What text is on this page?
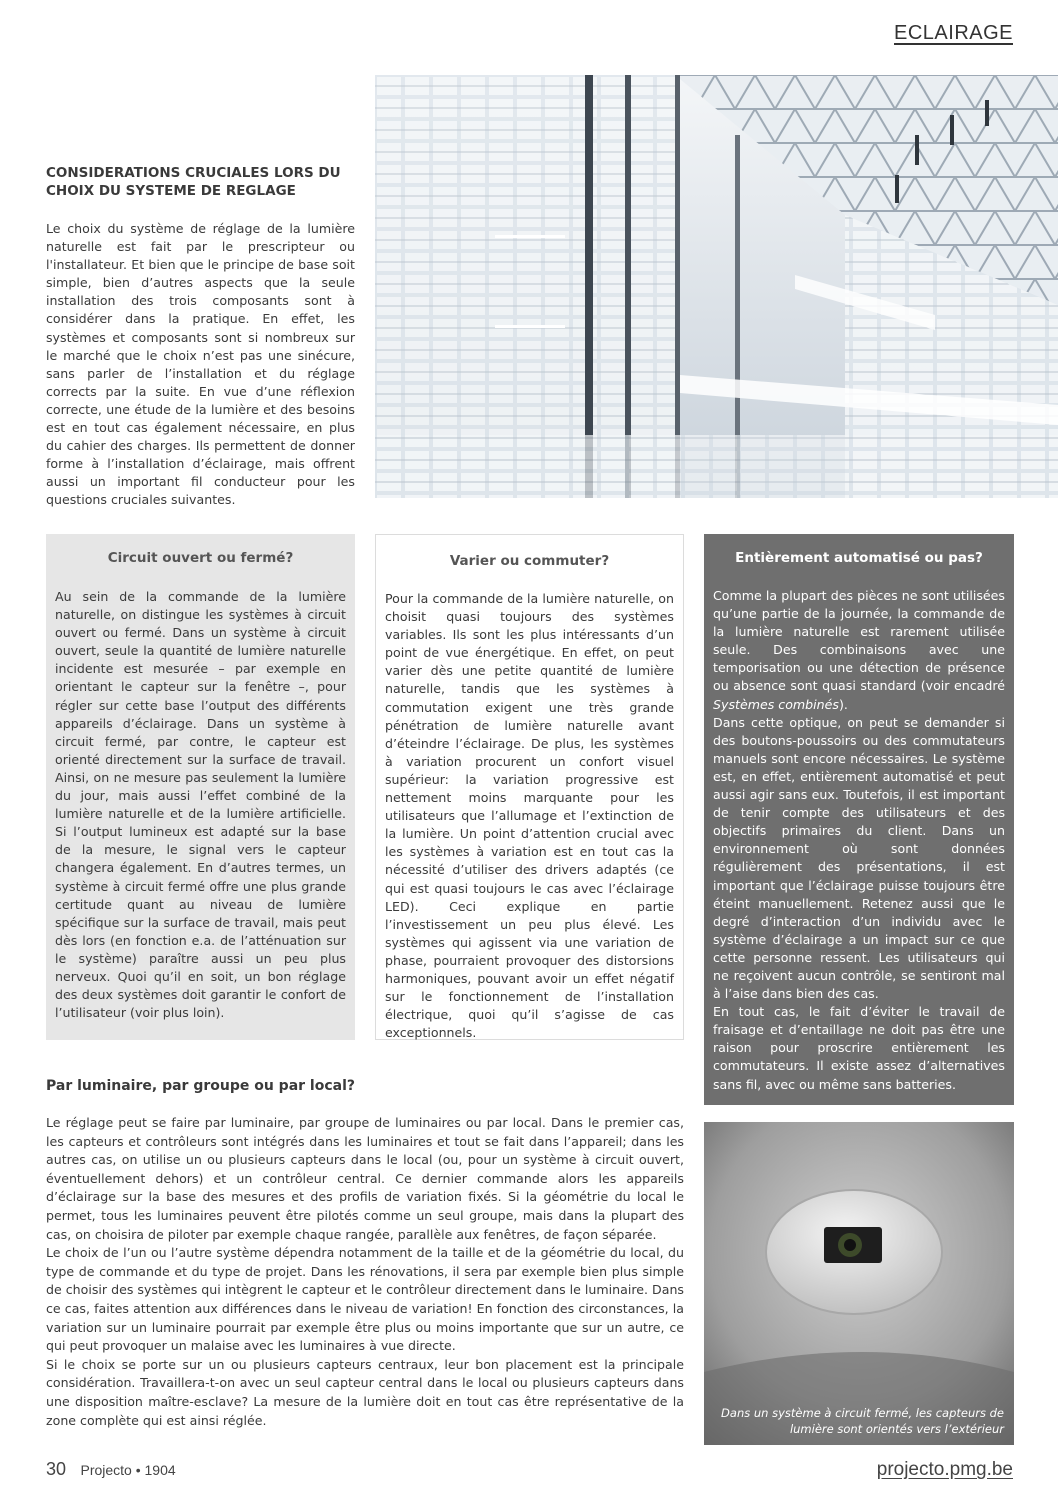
ECLAIRAGE
CONSIDERATIONS CRUCIALES LORS DU CHOIX DU SYSTEME DE REGLAGE

Le choix du système de réglage de la lumière naturelle est fait par le prescripteur ou l'installateur. Et bien que le principe de base soit simple, bien d’autres aspects que la seule installation des trois composants sont à considérer dans la pratique. En effet, les systèmes et composants sont si nombreux sur le marché que le choix n’est pas une sinécure, sans parler de l’installation et du réglage corrects par la suite. En vue d’une réflexion correcte, une étude de la lumière et des besoins est en tout cas également nécessaire, en plus du cahier des charges. Ils permettent de donner forme à l’installation d’éclairage, mais offrent aussi un important fil conducteur pour les questions cruciales suivantes.

Circuit ouvert ou fermé?

Au sein de la commande de la lumière naturelle, on distingue les systèmes à circuit ouvert ou fermé. Dans un système à circuit ouvert, seule la quantité de lumière naturelle incidente est mesurée – par exemple en orientant le capteur sur la fenêtre –, pour régler sur cette base l’output des différents appareils d’éclairage. Dans un système à circuit fermé, par contre, le capteur est orienté directement sur la surface de travail. Ainsi, on ne mesure pas seulement la lumière du jour, mais aussi l’effet combiné de la lumière naturelle et de la lumière artificielle. Si l’output lumineux est adapté sur la base de la mesure, le signal vers le capteur changera également. En d’autres termes, un système à circuit fermé offre une plus grande certitude quant au niveau de lumière spécifique sur la surface de travail, mais peut dès lors (en fonction e.a. de l’atténuation sur le système) paraître aussi un peu plus nerveux. Quoi qu’il en soit, un bon réglage des deux systèmes doit garantir le confort de l’utilisateur (voir plus loin).

Varier ou commuter?

Pour la commande de la lumière naturelle, on choisit quasi toujours des systèmes variables. Ils sont les plus intéressants d’un point de vue énergétique. En effet, on peut varier dès une petite quantité de lumière naturelle, tandis que les systèmes à commutation exigent une très grande pénétration de lumière naturelle avant d’éteindre l’éclairage. De plus, les systèmes à variation procurent un confort visuel supérieur: la variation progressive est nettement moins marquante pour les utilisateurs que l’allumage et l’extinction de la lumière. Un point d’attention crucial avec les systèmes à variation est en tout cas la nécessité d’utiliser des drivers adaptés (ce qui est quasi toujours le cas avec l’éclairage LED). Ceci explique en partie l’investissement un peu plus élevé. Les systèmes qui agissent via une variation de phase, pourraient provoquer des distorsions harmoniques, pouvant avoir un effet négatif sur le fonctionnement de l’installation électrique, quoi qu’il s’agisse de cas exceptionnels.

Entièrement automatisé ou pas?

Comme la plupart des pièces ne sont utilisées qu’une partie de la journée, la commande de la lumière naturelle est rarement utilisée seule. Des combinaisons avec une temporisation ou une détection de présence ou absence sont quasi standard (voir encadré Systèmes combinés).

Dans cette optique, on peut se demander si des boutons-poussoirs ou des commutateurs manuels sont encore nécessaires. Le système est, en effet, entièrement automatisé et peut aussi agir sans eux. Toutefois, il est important de tenir compte des utilisateurs et des objectifs primaires du client. Dans un environnement où sont données régulièrement des présentations, il est important que l’éclairage puisse toujours être éteint manuellement. Retenez aussi que le degré d’interaction d’un individu avec le système d’éclairage a un impact sur ce que cette personne ressent. Les utilisateurs qui ne reçoivent aucun contrôle, se sentiront mal à l’aise dans bien des cas.

En tout cas, le fait d’éviter le travail de fraisage et d’entaillage ne doit pas être une raison pour proscrire entièrement les commutateurs. Il existe assez d’alternatives sans fil, avec ou même sans batteries.

Par luminaire, par groupe ou par local?

Le réglage peut se faire par luminaire, par groupe de luminaires ou par local. Dans le premier cas, les capteurs et contrôleurs sont intégrés dans les luminaires et tout se fait dans l’appareil; dans les autres cas, on utilise un ou plusieurs capteurs dans le local (ou, pour un système à circuit ouvert, éventuellement dehors) et un contrôleur central. Ce dernier commande alors les appareils d’éclairage sur la base des mesures et des profils de variation fixés. Si la géométrie du local le permet, tous les luminaires peuvent être pilotés comme un seul groupe, mais dans la plupart des cas, on choisira de piloter par exemple chaque rangée, parallèle aux fenêtres, de façon séparée.

Le choix de l’un ou l’autre système dépendra notamment de la taille et de la géométrie du local, du type de commande et du type de projet. Dans les rénovations, il sera par exemple bien plus simple de choisir des systèmes qui intègrent le capteur et le contrôleur directement dans le luminaire. Dans ce cas, faites attention aux différences dans le niveau de variation! En fonction des circonstances, la variation sur un luminaire pourrait par exemple être plus ou moins importante que sur un autre, ce qui peut provoquer un malaise avec les luminaires à vue directe.

Si le choix se porte sur un ou plusieurs capteurs centraux, leur bon placement est la principale considération. Travaillera-t-on avec un seul capteur central dans le local ou plusieurs capteurs dans une disposition maître-esclave? La mesure de la lumière doit en tout cas être représentative de la zone complète qui est ainsi réglée.	Dans un système à circuit fermé, les capteurs de lumière sont orientés vers l’extérieur
30 Projecto • 1904	projecto.pmg.be
